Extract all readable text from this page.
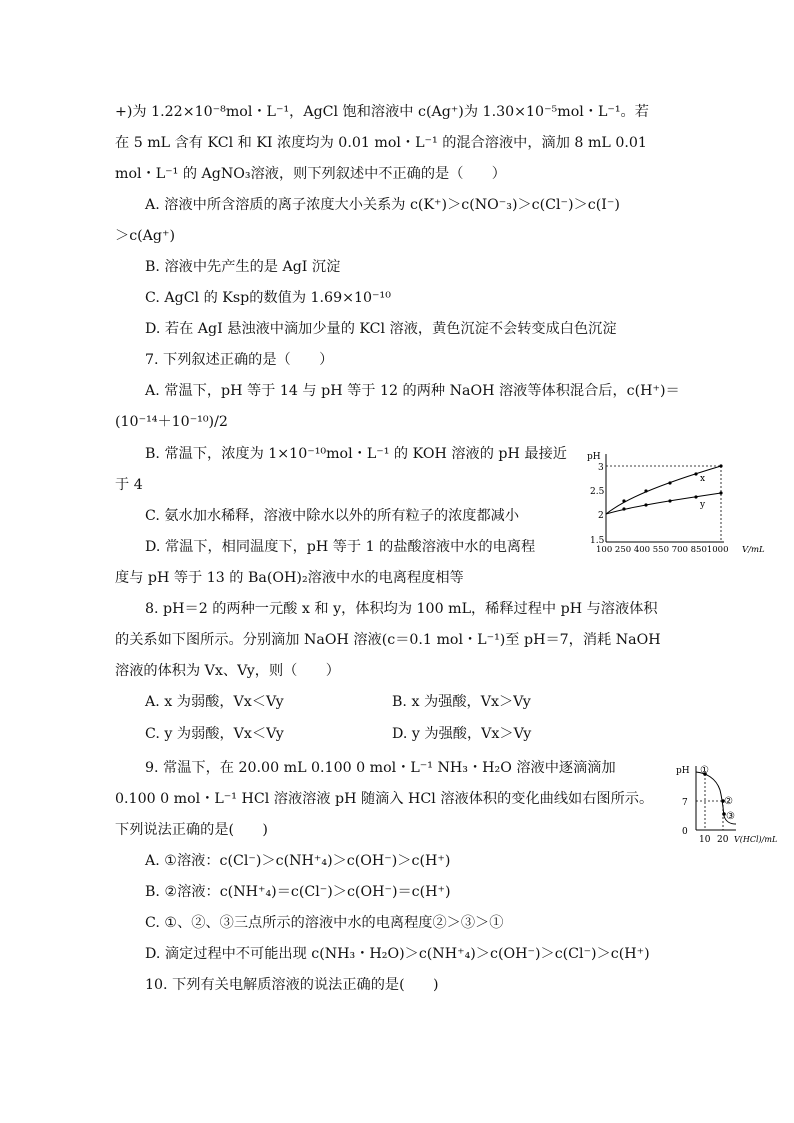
+)为 1.22×10⁻⁸mol・L⁻¹，AgCl 饱和溶液中 c(Ag⁺)为 1.30×10⁻⁵mol・L⁻¹。若
在 5 mL 含有 KCl 和 KI 浓度均为 0.01 mol・L⁻¹ 的混合溶液中，滴加 8 mL 0.01
mol・L⁻¹ 的 AgNO₃溶液，则下列叙述中不正确的是（　　）
A. 溶液中所含溶质的离子浓度大小关系为 c(K⁺)＞c(NO⁻₃)＞c(Cl⁻)＞c(I⁻)
＞c(Ag⁺)
B. 溶液中先产生的是 AgI 沉淀
C. AgCl 的 Ksp的数值为 1.69×10⁻¹⁰
D. 若在 AgI 悬浊液中滴加少量的 KCl 溶液，黄色沉淀不会转变成白色沉淀
7. 下列叙述正确的是（　　）
A. 常温下，pH 等于 14 与 pH 等于 12 的两种 NaOH 溶液等体积混合后，c(H⁺)＝
(10⁻¹⁴＋10⁻¹⁰)/2
B. 常温下，浓度为 1×10⁻¹⁰mol・L⁻¹ 的 KOH 溶液的 pH 最接近
于 4
C. 氨水加水稀释，溶液中除水以外的所有粒子的浓度都减小
D. 常温下，相同温度下，pH 等于 1 的盐酸溶液中水的电离程
度与 pH 等于 13 的 Ba(OH)₂溶液中水的电离程度相等
8. pH＝2 的两种一元酸 x 和 y，体积均为 100 mL，稀释过程中 pH 与溶液体积
的关系如下图所示。分别滴加 NaOH 溶液(c＝0.1 mol・L⁻¹)至 pH＝7，消耗 NaOH
溶液的体积为 Vx、Vy，则（　　）
A. x 为弱酸，Vx＜Vy	B. x 为强酸，Vx＞Vy
C. y 为弱酸，Vx＜Vy	D. y 为强酸，Vx＞Vy
9. 常温下，在 20.00 mL 0.100 0 mol・L⁻¹ NH₃・H₂O 溶液中逐滴滴加
0.100 0 mol・L⁻¹ HCl 溶液溶液 pH 随滴入 HCl 溶液体积的变化曲线如右图所示。
下列说法正确的是(　　)
A. ①溶液：c(Cl⁻)＞c(NH⁺₄)＞c(OH⁻)＞c(H⁺)
B. ②溶液：c(NH⁺₄)＝c(Cl⁻)＞c(OH⁻)＝c(H⁺)
C. ①、②、③三点所示的溶液中水的电离程度②＞③＞①
D. 滴定过程中不可能出现 c(NH₃・H₂O)＞c(NH⁺₄)＞c(OH⁻)＞c(Cl⁻)＞c(H⁺)
10. 下列有关电解质溶液的说法正确的是(　　)
pH
3
2.5
2
1.5
100 250 400 550 700 8501000 V/mL
x
y
pH
7
0
10 20 V(HCl)/mL
①
②
③
